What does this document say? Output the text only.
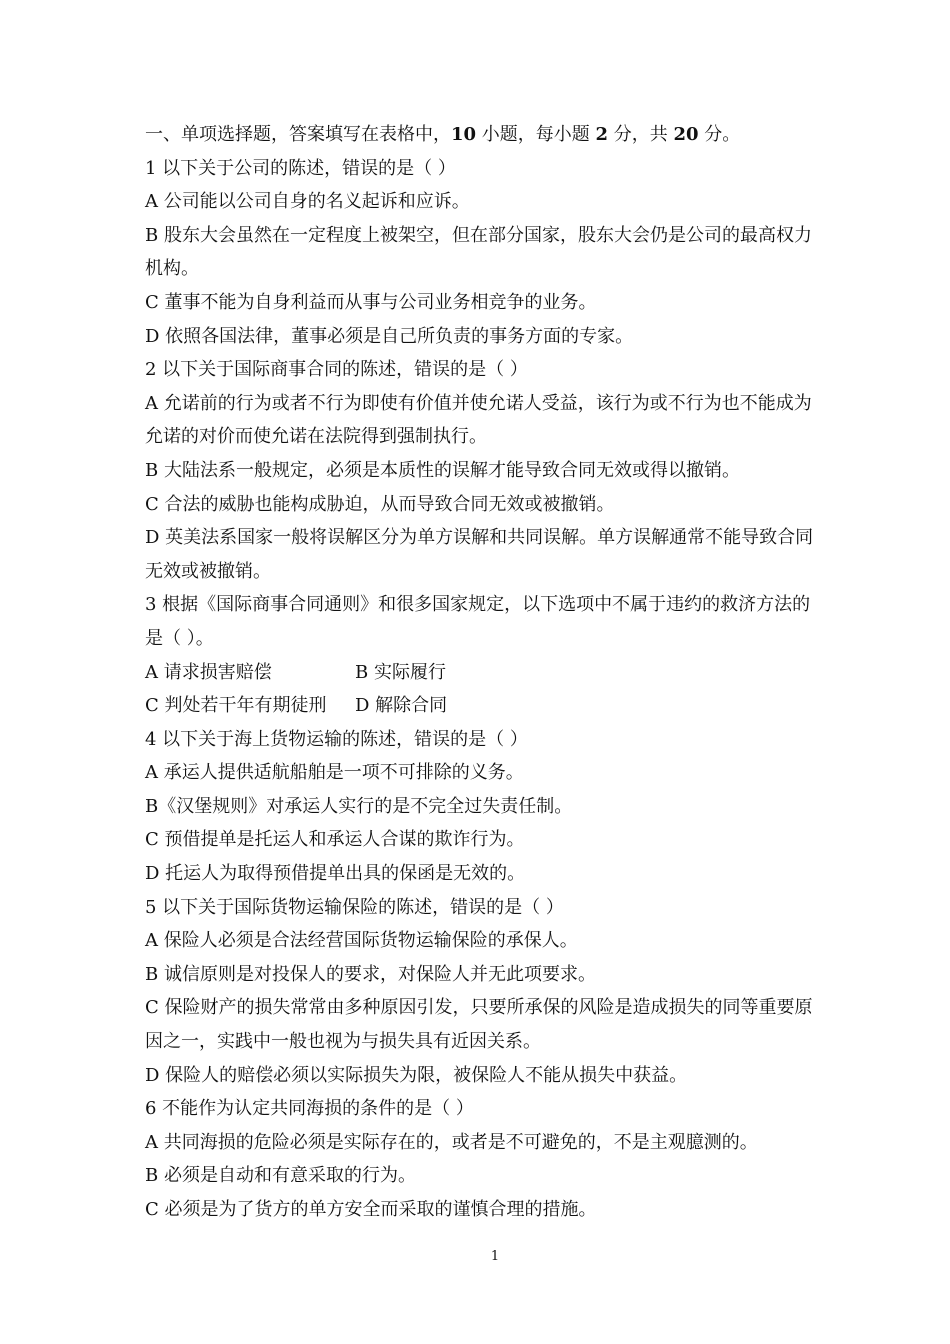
一、单项选择题，答案填写在表格中，10 小题，每小题 2 分，共 20 分。

1 以下关于公司的陈述，错误的是（ ）

A 公司能以公司自身的名义起诉和应诉。

B 股东大会虽然在一定程度上被架空，但在部分国家，股东大会仍是公司的最高权力

机构。

C 董事不能为自身利益而从事与公司业务相竞争的业务。

D 依照各国法律，董事必须是自己所负责的事务方面的专家。

2 以下关于国际商事合同的陈述，错误的是（ ）

A 允诺前的行为或者不行为即使有价值并使允诺人受益，该行为或不行为也不能成为

允诺的对价而使允诺在法院得到强制执行。

B 大陆法系一般规定，必须是本质性的误解才能导致合同无效或得以撤销。

C 合法的威胁也能构成胁迫，从而导致合同无效或被撤销。

D 英美法系国家一般将误解区分为单方误解和共同误解。单方误解通常不能导致合同

无效或被撤销。

3 根据《国际商事合同通则》和很多国家规定，以下选项中不属于违约的救济方法的

是（ ）。

A 请求损害赔偿	B 实际履行
C 判处若干年有期徒刑	D 解除合同

4 以下关于海上货物运输的陈述，错误的是（ ）

A 承运人提供适航船舶是一项不可排除的义务。

B《汉堡规则》对承运人实行的是不完全过失责任制。

C 预借提单是托运人和承运人合谋的欺诈行为。

D 托运人为取得预借提单出具的保函是无效的。

5 以下关于国际货物运输保险的陈述，错误的是（ ）

A 保险人必须是合法经营国际货物运输保险的承保人。

B 诚信原则是对投保人的要求，对保险人并无此项要求。

C 保险财产的损失常常由多种原因引发，只要所承保的风险是造成损失的同等重要原

因之一，实践中一般也视为与损失具有近因关系。

D 保险人的赔偿必须以实际损失为限，被保险人不能从损失中获益。

6 不能作为认定共同海损的条件的是（ ）

A 共同海损的危险必须是实际存在的，或者是不可避免的，不是主观臆测的。

B 必须是自动和有意采取的行为。

C 必须是为了货方的单方安全而采取的谨慎合理的措施。

1
